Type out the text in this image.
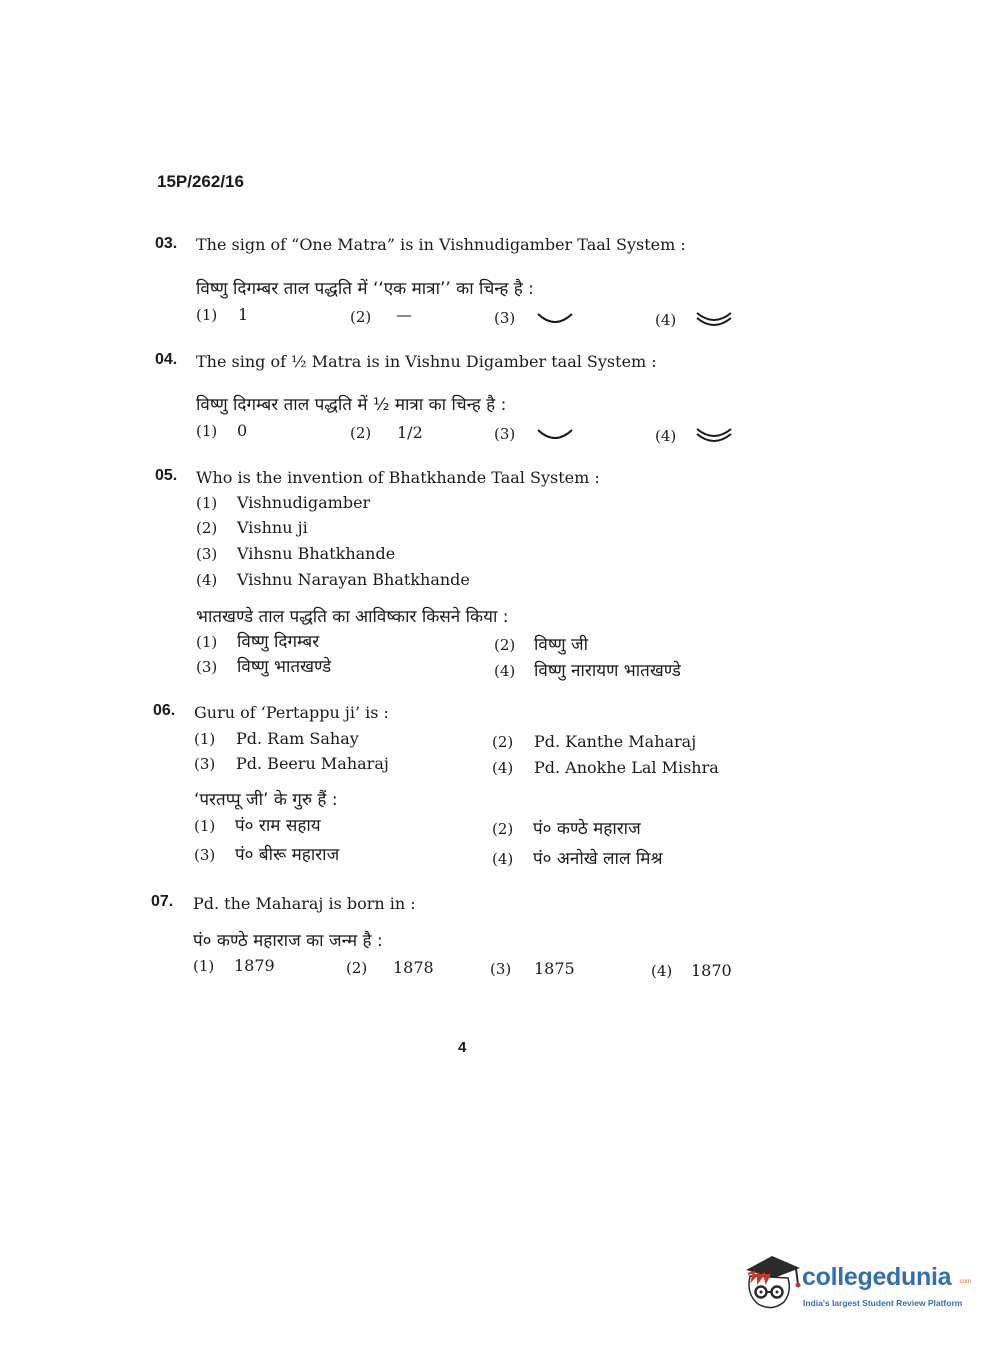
15P/262/16
03. The sign of “One Matra” is in Vishnudigamber Taal System :
विष्णु दिगम्बर ताल पद्धति में ‘‘एक मात्रा’’ का चिन्ह है :
(1) 1	(2) —	(3)	(4)
04. The sing of ½ Matra is in Vishnu Digamber taal System :
विष्णु दिगम्बर ताल पद्धति में ½ मात्रा का चिन्ह है :
(1) 0	(2) 1/2	(3)	(4)
05. Who is the invention of Bhatkhande Taal System :
(1) Vishnudigamber
(2) Vishnu ji
(3) Vihsnu Bhatkhande
(4) Vishnu Narayan Bhatkhande
भातखण्डे ताल पद्धति का आविष्कार किसने किया :
(1) विष्णु दिगम्बर	(2) विष्णु जी
(3) विष्णु भातखण्डे	(4) विष्णु नारायण भातखण्डे
06. Guru of ‘Pertappu ji’ is :
(1) Pd. Ram Sahay	(2) Pd. Kanthe Maharaj
(3) Pd. Beeru Maharaj	(4) Pd. Anokhe Lal Mishra
‘परतप्पू जी’ के गुरु हैं :
(1) पं० राम सहाय	(2) पं० कण्ठे महाराज
(3) पं० बीरू महाराज	(4) पं० अनोखे लाल मिश्र
07. Pd. the Maharaj is born in :
पं० कण्ठे महाराज का जन्म है :
(1) 1879	(2) 1878	(3) 1875	(4) 1870
4
collegedunia .com
India's largest Student Review Platform
